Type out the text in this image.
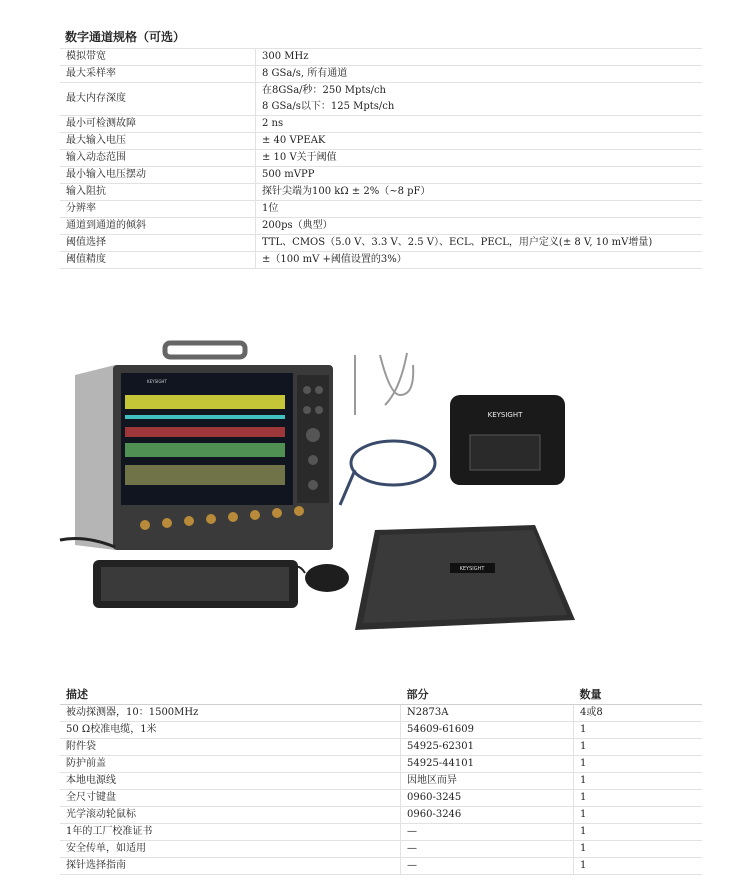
数字通道规格（可选）
模拟带宽	300 MHz

最大采样率	8 GSa/s, 所有通道

最大内存深度	在8GSa/秒：250 Mpts/ch
8 GSa/s以下：125 Mpts/ch

最小可检测故障	2 ns

最大输入电压	± 40 VPEAK

输入动态范围	± 10 V关于阈值

最小输入电压摆动	500 mVPP

输入阻抗	探针尖端为100 kΩ ± 2%（~8 pF）

分辨率	1位

通道到通道的倾斜	200ps（典型）

阈值选择	TTL、CMOS（5.0 V、3.3 V、2.5 V）、ECL、PECL，用户定义(± 8 V, 10 mV增量)

阈值精度	±（100 mV +阈值设置的3%）
KEYSIGHT
KEYSIGHT
KEYSIGHT
描述	部分	数量
被动探测器，10：1500MHz	N2873A	4或8
50 Ω校准电缆，1米	54609-61609	1
附件袋	54925-62301	1
防护前盖	54925-44101	1
本地电源线	因地区而异	1
全尺寸键盘	0960-3245	1
光学滚动轮鼠标	0960-3246	1
1年的工厂校准证书	—	1
安全传单，如适用	—	1
探针选择指南	—	1
